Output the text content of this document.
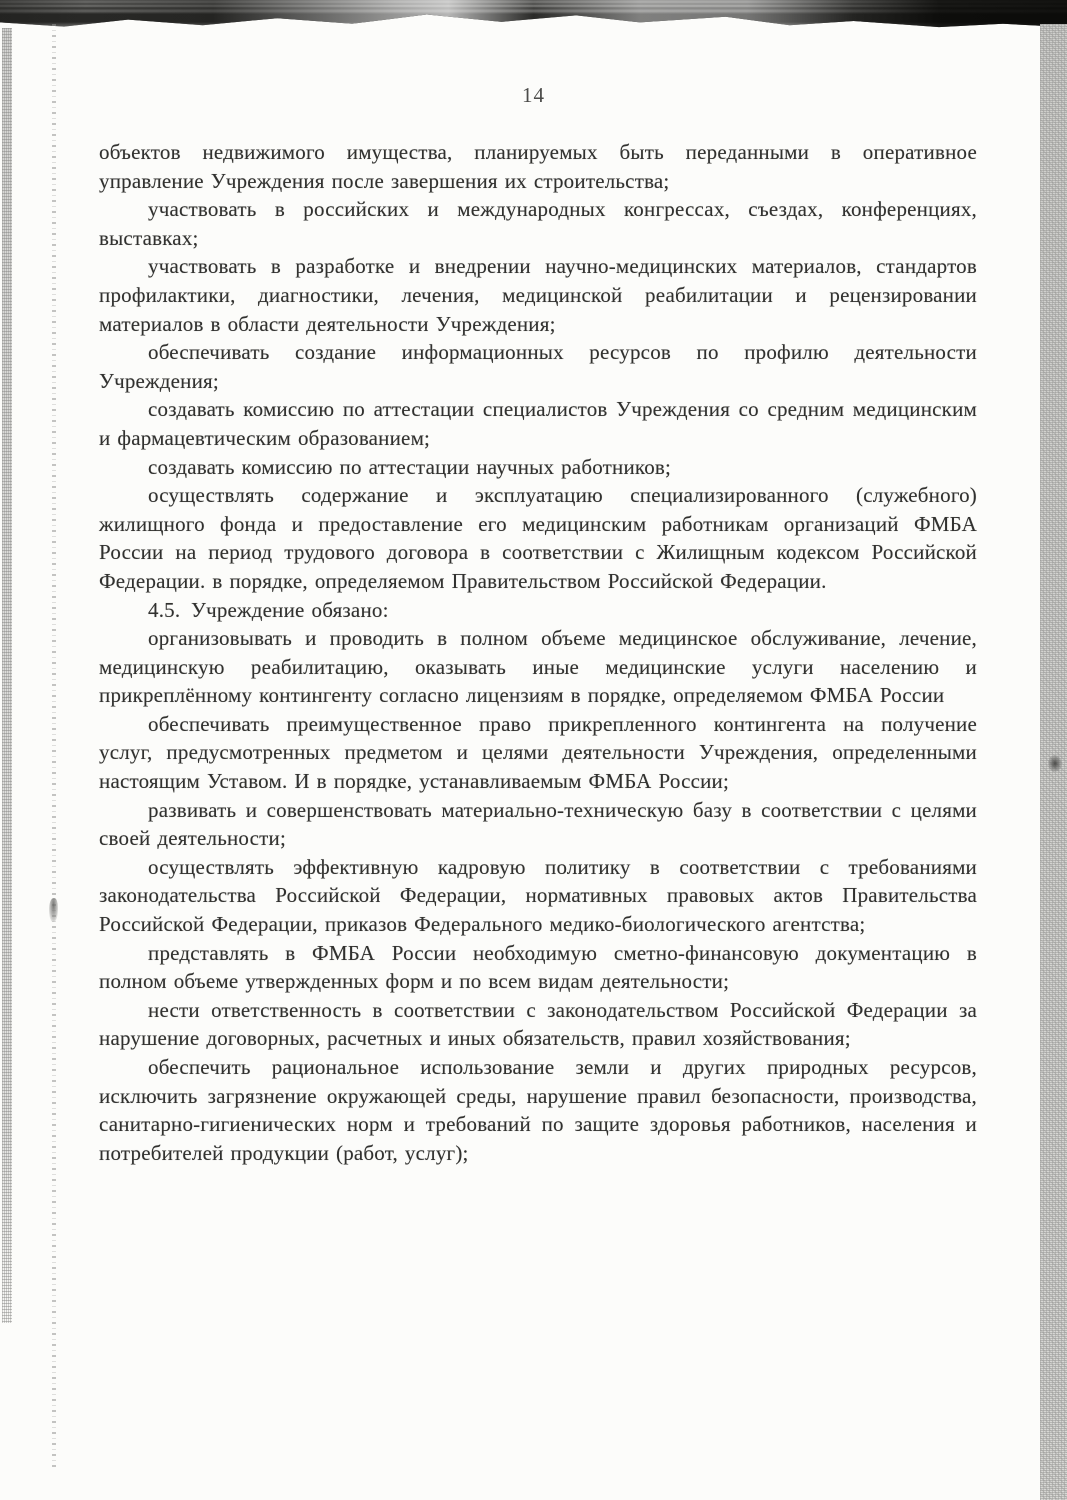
14

объектов недвижимого имущества, планируемых быть переданными в оперативное управление Учреждения после завершения их строительства;

участвовать в российских и международных конгрессах, съездах, конференциях, выставках;

участвовать в разработке и внедрении научно-медицинских материалов, стандартов профилактики, диагностики, лечения, медицинской реабилитации и рецензировании материалов в области деятельности Учреждения;

обеспечивать создание информационных ресурсов по профилю деятельности Учреждения;

создавать комиссию по аттестации специалистов Учреждения со средним медицинским и фармацевтическим образованием;

создавать комиссию по аттестации научных работников;

осуществлять содержание и эксплуатацию специализированного (служебного) жилищного фонда и предоставление его медицинским работникам организаций ФМБА России на период трудового договора в соответствии с Жилищным кодексом Российской Федерации. в порядке, определяемом Правительством Российской Федерации.

4.5. Учреждение обязано:

организовывать и проводить в полном объеме медицинское обслуживание, лечение, медицинскую реабилитацию, оказывать иные медицинские услуги населению и прикреплённому контингенту согласно лицензиям в порядке, определяемом ФМБА России

обеспечивать преимущественное право прикрепленного контингента на получение услуг, предусмотренных предметом и целями деятельности Учреждения, определенными настоящим Уставом. И в порядке, устанавливаемым ФМБА России;

развивать и совершенствовать материально-техническую базу в соответствии с целями своей деятельности;

осуществлять эффективную кадровую политику в соответствии с требованиями законодательства Российской Федерации, нормативных правовых актов Правительства Российской Федерации, приказов Федерального медико-биологического агентства;

представлять в ФМБА России необходимую сметно-финансовую документацию в полном объеме утвержденных форм и по всем видам деятельности;

нести ответственность в соответствии с законодательством Российской Федерации за нарушение договорных, расчетных и иных обязательств, правил хозяйствования;

обеспечить рациональное использование земли и других природных ресурсов, исключить загрязнение окружающей среды, нарушение правил безопасности, производства, санитарно-гигиенических норм и требований по защите здоровья работников, населения и потребителей продукции (работ, услуг);
